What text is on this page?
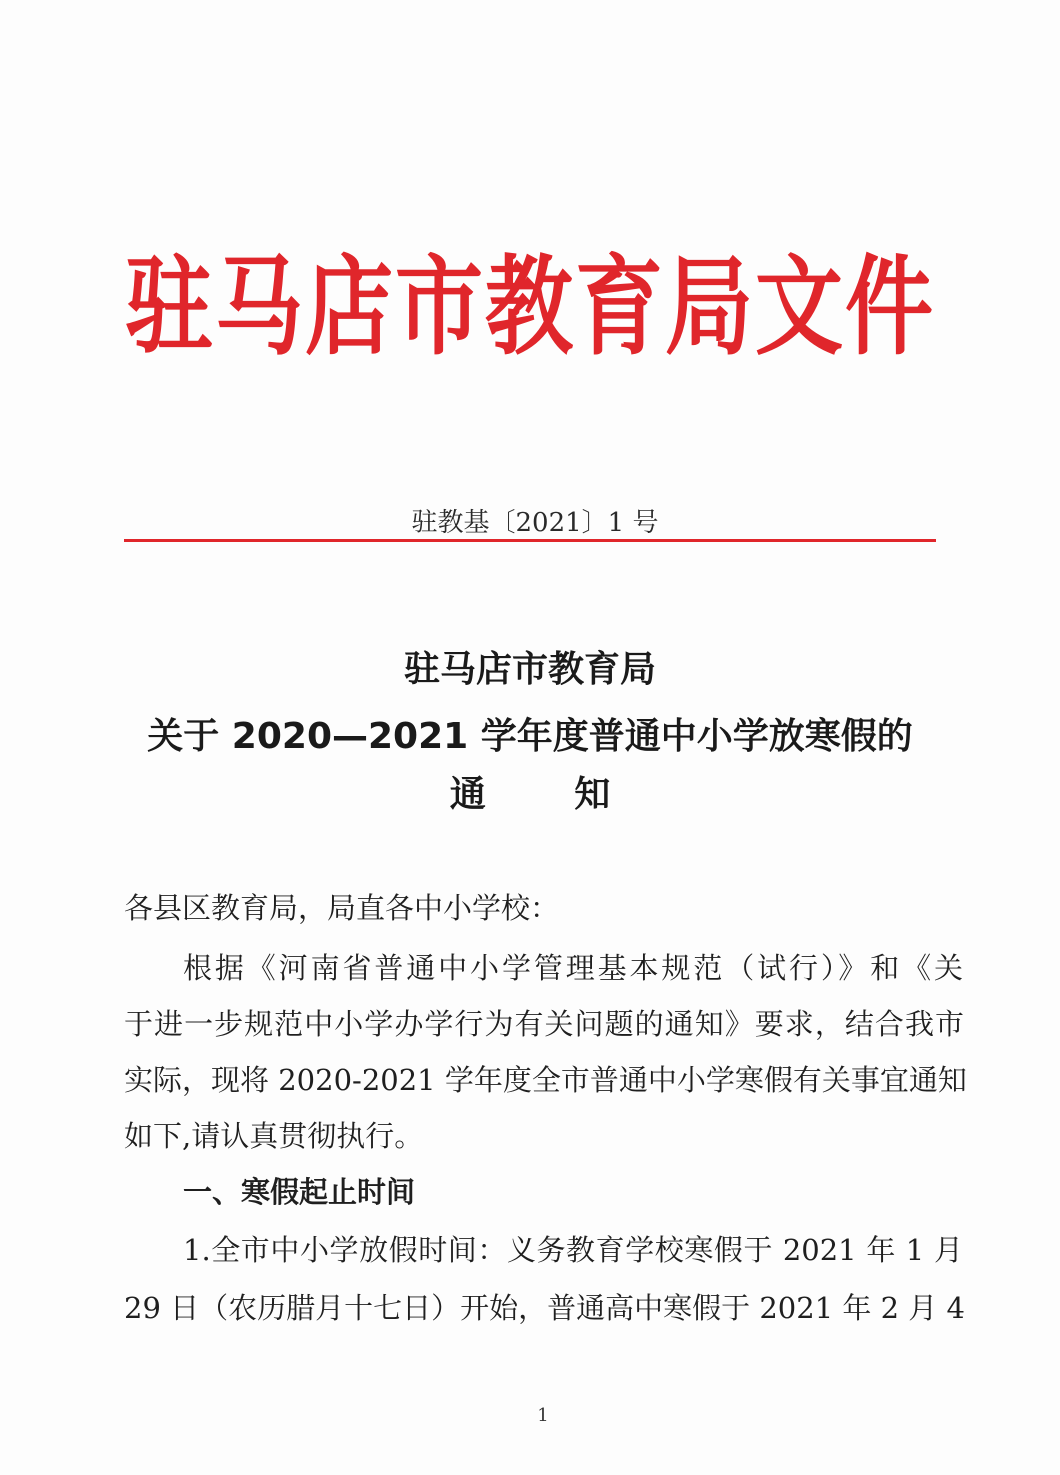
驻马店市教育局文件
驻教基〔2021〕1 号
驻马店市教育局
关于 2020—2021 学年度普通中小学放寒假的
通 知
各县区教育局，局直各中小学校：
根据《河南省普通中小学管理基本规范（试行）》和《关
于进一步规范中小学办学行为有关问题的通知》要求，结合我市
实际，现将 2020-2021 学年度全市普通中小学寒假有关事宜通知
如下,请认真贯彻执行。
一、寒假起止时间
1.全市中小学放假时间：义务教育学校寒假于 2021 年 1 月
29 日（农历腊月十七日）开始，普通高中寒假于 2021 年 2 月 4
1
